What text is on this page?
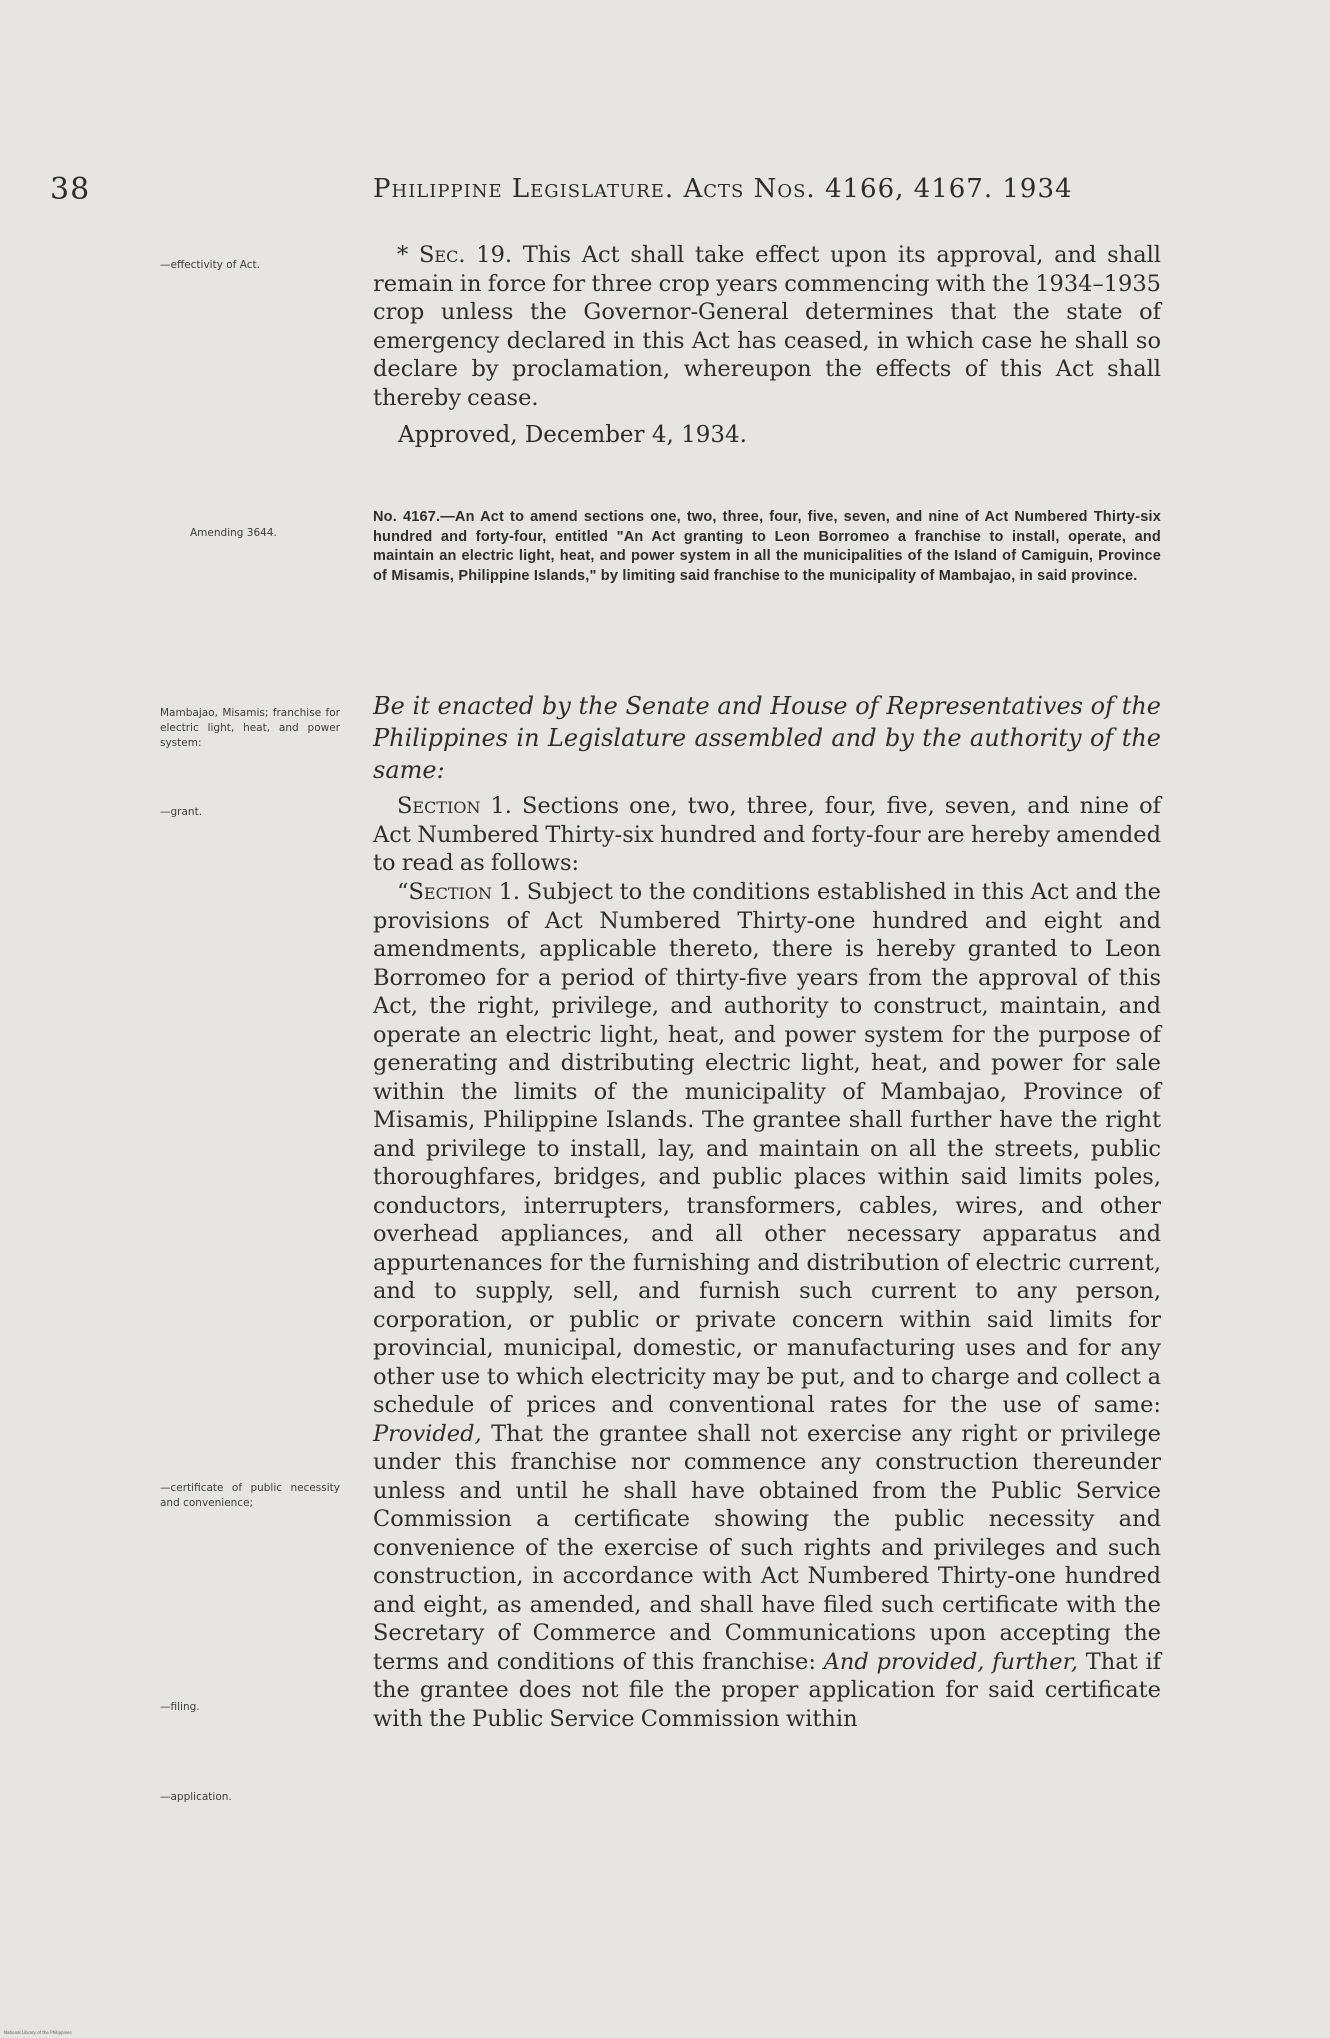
38	Philippine Legislature. Acts Nos. 4166, 4167. 1934
—effectivity of Act.
Amending 3644.
Mambajao, Misamis; franchise for electric light, heat, and power system:
—grant.
—certificate of public necessity and convenience;
—filing.
—application.
* Sec. 19. This Act shall take effect upon its approval, and shall remain in force for three crop years commencing with the 1934–1935 crop unless the Governor-General determines that the state of emergency declared in this Act has ceased, in which case he shall so declare by proclamation, whereupon the effects of this Act shall thereby cease.
Approved, December 4, 1934.
No. 4167.—An Act to amend sections one, two, three, four, five, seven, and nine of Act Numbered Thirty-six hundred and forty-four, entitled "An Act granting to Leon Borromeo a franchise to install, operate, and maintain an electric light, heat, and power system in all the municipalities of the Island of Camiguin, Province of Misamis, Philippine Islands," by limiting said franchise to the municipality of Mambajao, in said province.
Be it enacted by the Senate and House of Representatives of the Philippines in Legislature assembled and by the authority of the same:
Section 1. Sections one, two, three, four, five, seven, and nine of Act Numbered Thirty-six hundred and forty-four are hereby amended to read as follows:
“Section 1. Subject to the conditions established in this Act and the provisions of Act Numbered Thirty-one hundred and eight and amendments, applicable thereto, there is hereby granted to Leon Borromeo for a period of thirty-five years from the approval of this Act, the right, privilege, and authority to construct, maintain, and operate an electric light, heat, and power system for the purpose of generating and distributing electric light, heat, and power for sale within the limits of the municipality of Mambajao, Province of Misamis, Philippine Islands. The grantee shall further have the right and privilege to install, lay, and maintain on all the streets, public thoroughfares, bridges, and public places within said limits poles, conductors, interrupters, transformers, cables, wires, and other overhead appliances, and all other necessary apparatus and appurtenances for the furnishing and distribution of electric current, and to supply, sell, and furnish such current to any person, corporation, or public or private concern within said limits for provincial, municipal, domestic, or manufacturing uses and for any other use to which electricity may be put, and to charge and collect a schedule of prices and conventional rates for the use of same: Provided, That the grantee shall not exercise any right or privilege under this franchise nor commence any construction thereunder unless and until he shall have obtained from the Public Service Commission a certificate showing the public necessity and convenience of the exercise of such rights and privileges and such construction, in accordance with Act Numbered Thirty-one hundred and eight, as amended, and shall have filed such certificate with the Secretary of Commerce and Communications upon accepting the terms and conditions of this franchise: And provided, further, That if the grantee does not file the proper application for said certificate with the Public Service Commission within
National Library of the Philippines
